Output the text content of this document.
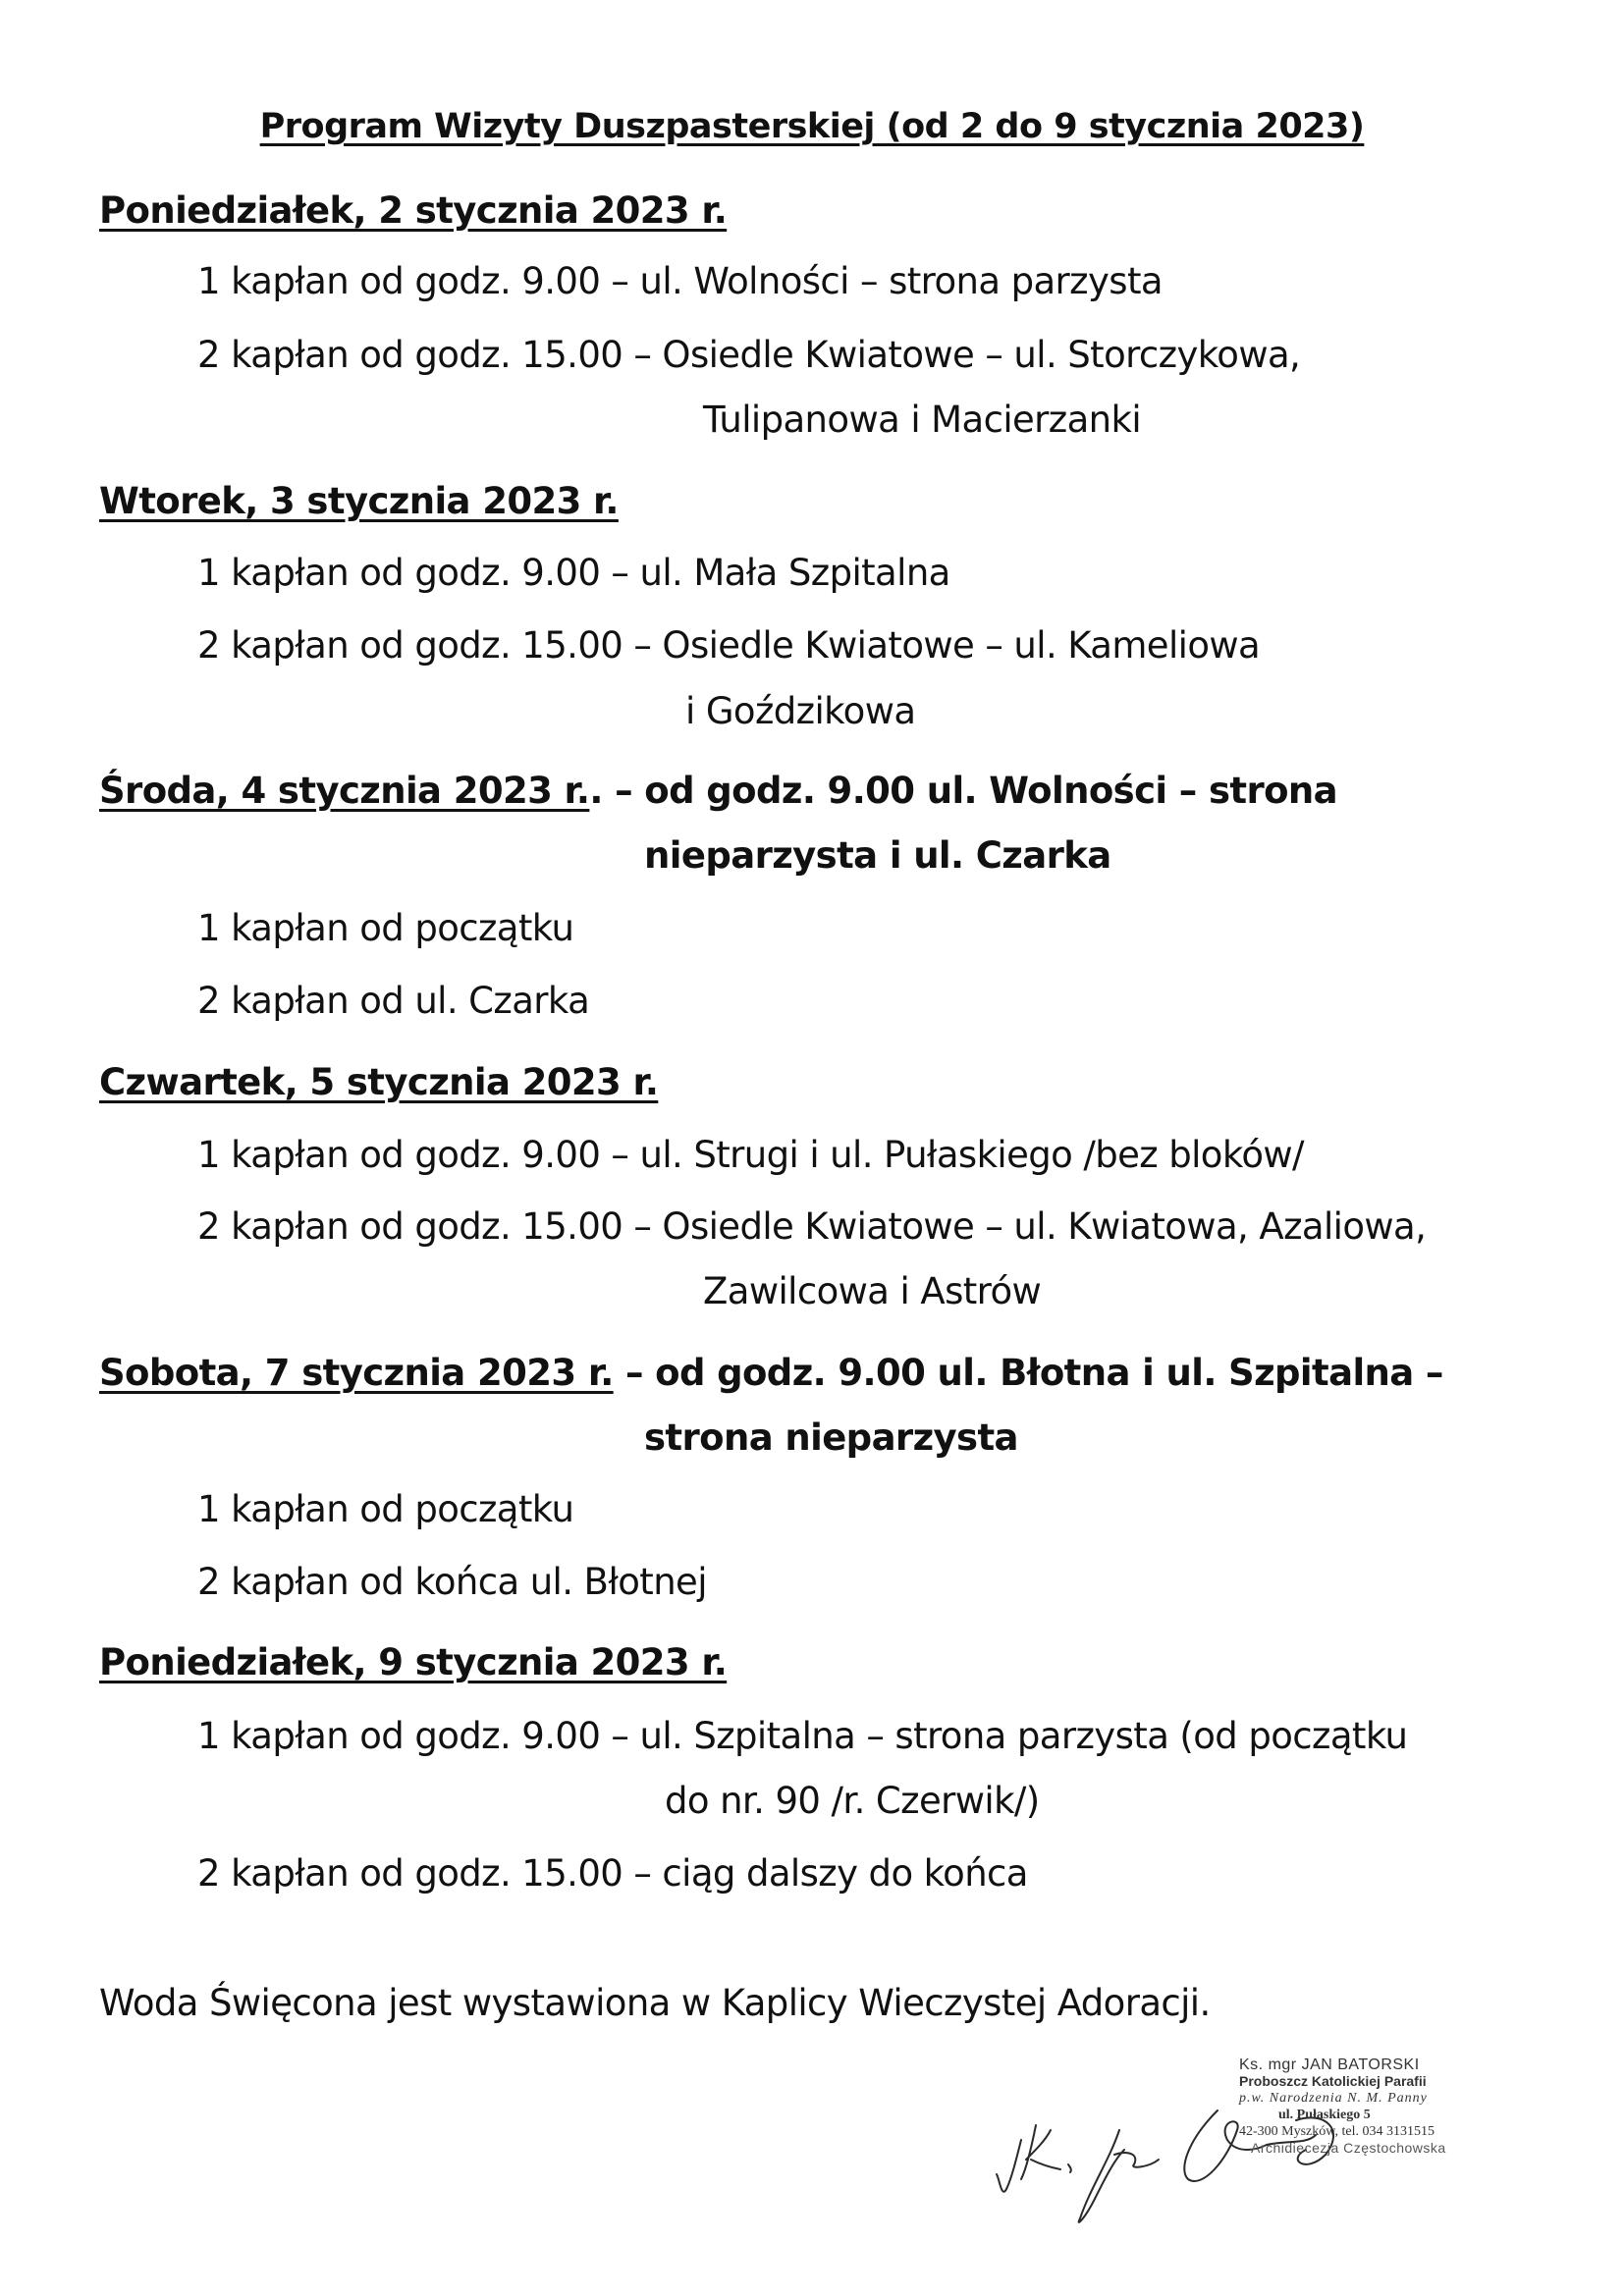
Program Wizyty Duszpasterskiej (od 2 do 9 stycznia 2023)
Poniedziałek, 2 stycznia 2023 r.
1 kapłan od godz. 9.00 – ul. Wolności – strona parzysta
2 kapłan od godz. 15.00 – Osiedle Kwiatowe – ul. Storczykowa,
Tulipanowa i Macierzanki
Wtorek, 3 stycznia 2023 r.
1 kapłan od godz. 9.00 – ul. Mała Szpitalna
2 kapłan od godz. 15.00 – Osiedle Kwiatowe – ul. Kameliowa
i Goździkowa
Środa, 4 stycznia 2023 r.. – od godz. 9.00 ul. Wolności – strona
nieparzysta i ul. Czarka
1 kapłan od początku
2 kapłan od ul. Czarka
Czwartek, 5 stycznia 2023 r.
1 kapłan od godz. 9.00 – ul. Strugi i ul. Pułaskiego /bez bloków/
2 kapłan od godz. 15.00 – Osiedle Kwiatowe – ul. Kwiatowa, Azaliowa,
Zawilcowa i Astrów
Sobota, 7 stycznia 2023 r. – od godz. 9.00 ul. Błotna i ul. Szpitalna –
strona nieparzysta
1 kapłan od początku
2 kapłan od końca ul. Błotnej
Poniedziałek, 9 stycznia 2023 r.
1 kapłan od godz. 9.00 – ul. Szpitalna – strona parzysta (od początku
do nr. 90 /r. Czerwik/)
2 kapłan od godz. 15.00 – ciąg dalszy do końca
Woda Święcona jest wystawiona w Kaplicy Wieczystej Adoracji.
Ks. mgr JAN BATORSKI
Proboszcz Katolickiej Parafii
p.w. Narodzenia N. M. Panny
ul. Pułaskiego 5
42-300 Myszków, tel. 034 3131515
Archidiecezja Częstochowska
